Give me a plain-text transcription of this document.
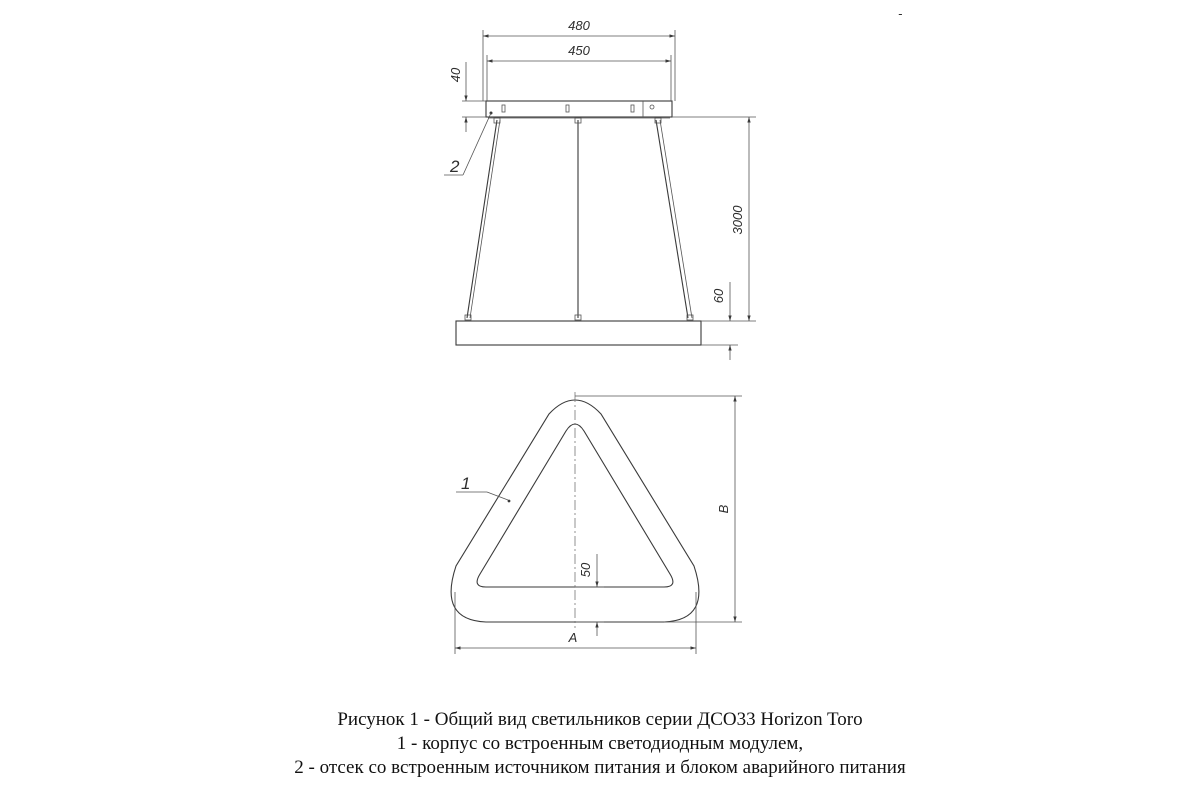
-
480
450
40
3000
60
2
A
B
50
1
Рисунок 1 - Общий вид светильников серии ДСО33 Horizon Toro
1 - корпус со встроенным светодиодным модулем,
2 - отсек со встроенным источником питания и блоком аварийного питания
